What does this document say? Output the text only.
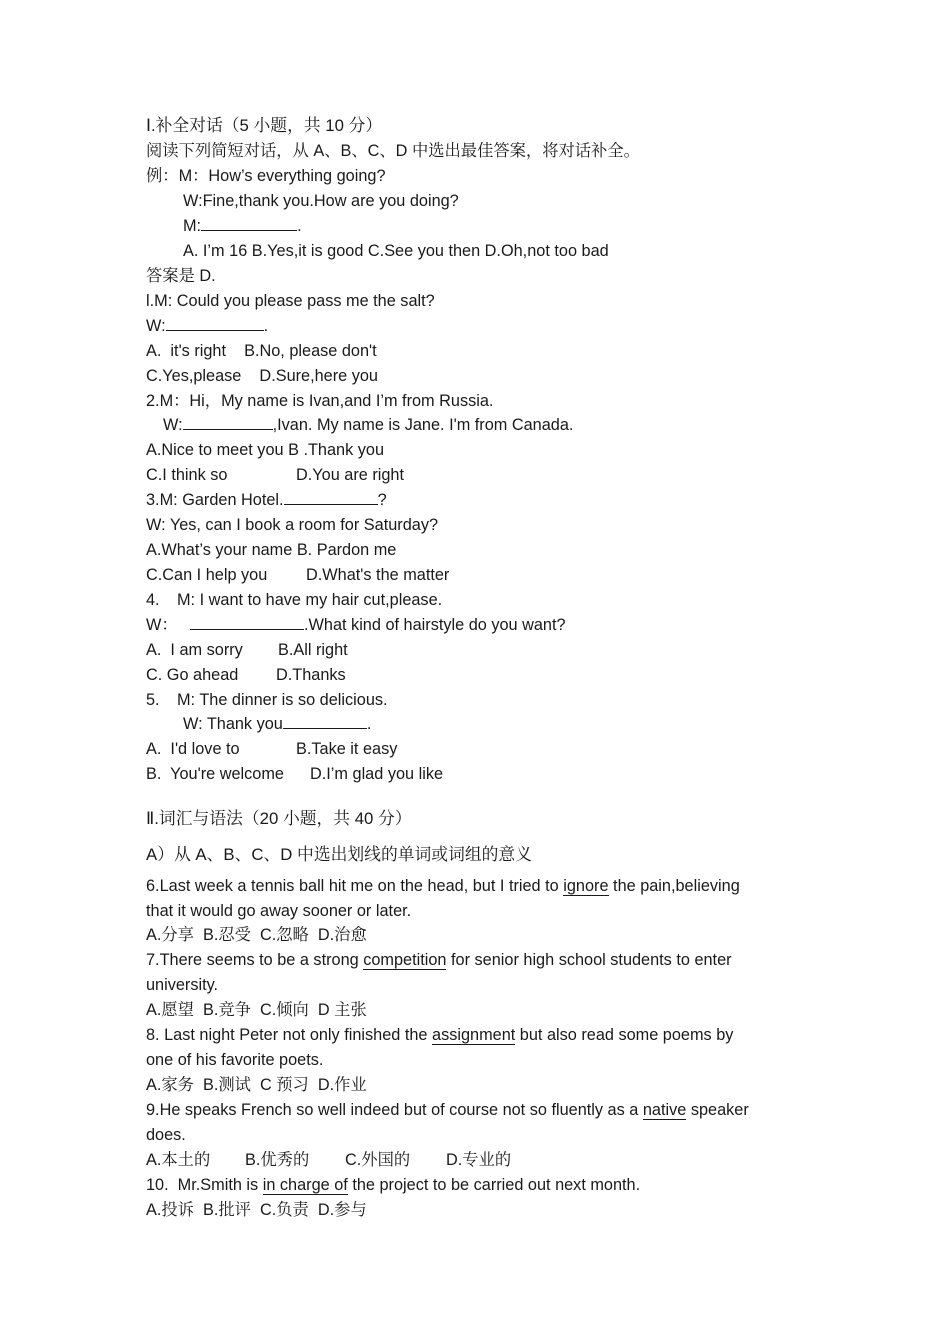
Ⅰ.补全对话（5 小题，共 10 分）
阅读下列简短对话，从 A、B、C、D 中选出最佳答案，将对话补全。
例：M：How’s everything going?
W:Fine,thank you.How are you doing?
M:	.
A. I’m 16 B.Yes,it is good C.See you then D.Oh,not too bad
答案是 D.
l.M: Could you please pass me the salt?
W:	.
A.  it's right    B.No, please don't
C.Yes,please    D.Sure,here you
2.M：Hi，My name is Ivan,and I’m from Russia.
W:	,Ivan. My name is Jane. I'm from Canada.
A.Nice to meet you B .Thank you
C.I think so	D.You are right
3.M: Garden Hotel.	?
W: Yes, can I book a room for Saturday?
A.What’s your name B. Pardon me
C.Can I help you D.What's the matter
4. M: I want to have my hair cut,please.
W：	.What kind of hairstyle do you want?
A.  I am sorry B.All right
C. Go ahead D.Thanks
5. M: The dinner is so delicious.
W: Thank you	.
A.  I'd love to	B.Take it easy
B.  You're welcome D.I’m glad you like
Ⅱ.词汇与语法（20 小题，共 40 分）
A）从 A、B、C、D 中选出划线的单词或词组的意义
6.Last week a tennis ball hit me on the head, but I tried to ignore the pain,believing
that it would go away sooner or later.
A.分享  B.忍受  C.忽略  D.治愈
7.There seems to be a strong competition for senior high school students to enter
university.
A.愿望  B.竞争  C.倾向  D 主张
8. Last night Peter not only finished the assignment but also read some poems by
one of his favorite poets.
A.家务  B.测试  C 预习  D.作业
9.He speaks French so well indeed but of course not so fluently as a native speaker
does.
A.本土的 B.优秀的 C.外国的 D.专业的
10.  Mr.Smith is in charge of the project to be carried out next month.
A.投诉  B.批评  C.负责  D.参与
